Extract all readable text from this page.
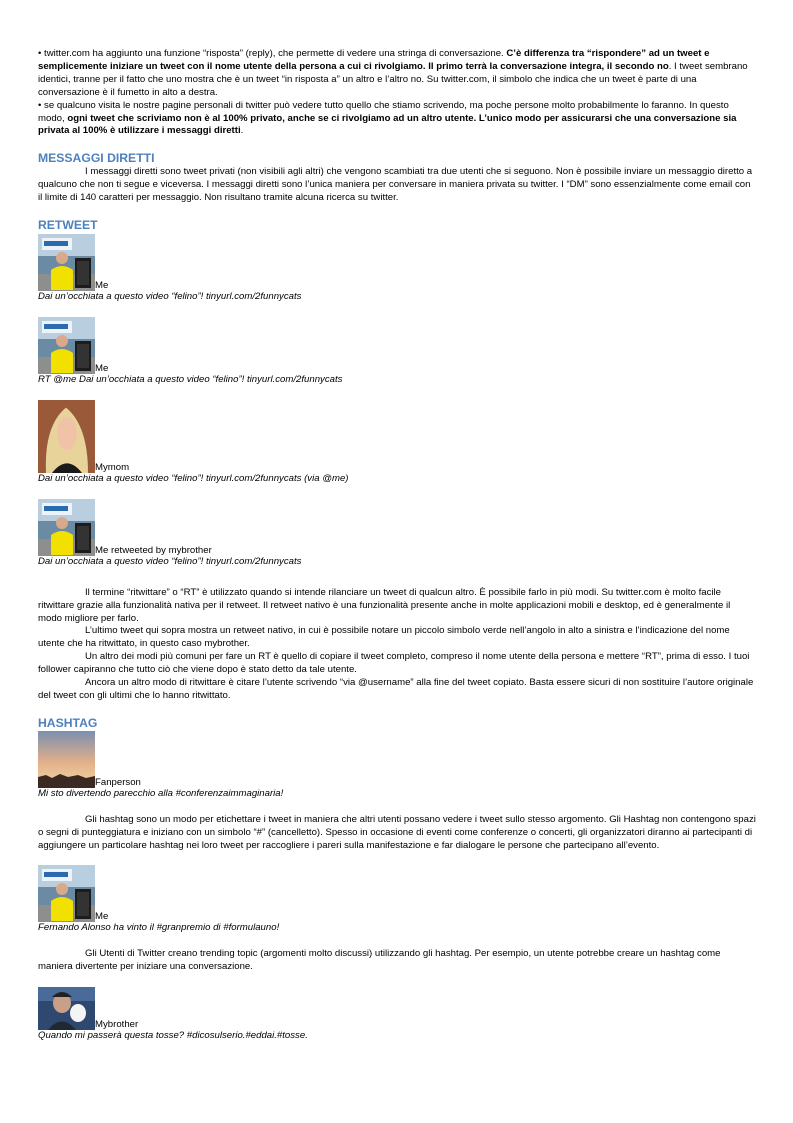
• twitter.com ha aggiunto una funzione “risposta” (reply), che permette di vedere una stringa di conversazione. C’è differenza tra “rispondere” ad un tweet e semplicemente iniziare un tweet con il nome utente della persona a cui ci rivolgiamo. Il primo terrà la conversazione integra, il secondo no. I tweet sembrano identici, tranne per il fatto che uno mostra che è un tweet “in risposta a” un altro e l’altro no. Su twitter.com, il simbolo che indica che un tweet è parte di una conversazione è il fumetto in alto a destra.

• se qualcuno visita le nostre pagine personali di twitter può vedere tutto quello che stiamo scrivendo, ma poche persone molto probabilmente lo faranno. In questo modo, ogni tweet che scriviamo non è al 100% privato, anche se ci rivolgiamo ad un altro utente. L’unico modo per assicurarsi che una conversazione sia privata al 100% è utilizzare i messaggi diretti.

MESSAGGI DIRETTI

I messaggi diretti sono tweet privati (non visibili agli altri) che vengono scambiati tra due utenti che si seguono. Non è possibile inviare un messaggio diretto a qualcuno che non ti segue e viceversa. I messaggi diretti sono l’unica maniera per conversare in maniera privata su twitter. I “DM” sono essenzialmente come email con il limite di 140 caratteri per messaggio. Non risultano tramite alcuna ricerca su twitter.

RETWEET
Me

Dai un’occhiata a questo video “felino”! tinyurl.com/2funnycats

Me

RT @me Dai un’occhiata a questo video “felino”! tinyurl.com/2funnycats

Mymom

Dai un’occhiata a questo video “felino”! tinyurl.com/2funnycats (via @me)

Me retweeted by mybrother

Dai un’occhiata a questo video “felino”! tinyurl.com/2funnycats

Il termine “ritwittare” o “RT” è utilizzato quando si intende rilanciare un tweet di qualcun altro. È possibile farlo in più modi. Su twitter.com è molto facile ritwittare grazie alla funzionalità nativa per il retweet. Il retweet nativo è una funzionalità presente anche in molte applicazioni mobili e desktop, ed è generalmente il modo migliore per farlo.

L’ultimo tweet qui sopra mostra un retweet nativo, in cui è possibile notare un piccolo simbolo verde nell’angolo in alto a sinistra e l’indicazione del nome utente che ha ritwittato, in questo caso mybrother.

Un altro dei modi più comuni per fare un RT è quello di copiare il tweet completo, compreso il nome utente della persona e mettere “RT”, prima di esso. I tuoi follower capiranno che tutto ciò che viene dopo è stato detto da tale utente.

Ancora un altro modo di ritwittare è citare l’utente scrivendo “via @username” alla fine del tweet copiato. Basta essere sicuri di non sostituire l’autore originale del tweet con gli ultimi che lo hanno ritwittato.

HASHTAG
Fanperson

Mi sto divertendo parecchio alla #conferenzaimmaginaria!

Gli hashtag sono un modo per etichettare i tweet in maniera che altri utenti possano vedere i tweet sullo stesso argomento. Gli Hashtag non contengono spazi o segni di punteggiatura e iniziano con un simbolo “#” (cancelletto). Spesso in occasione di eventi come conferenze o concerti, gli organizzatori diranno ai partecipanti di aggiungere un particolare hashtag nei loro tweet per raccogliere i pareri sulla manifestazione e far dialogare le persone che partecipano all’evento.

Me

Fernando Alonso ha vinto il #granpremio di #formulauno!

Gli Utenti di Twitter creano trending topic (argomenti molto discussi) utilizzando gli hashtag. Per esempio, un utente potrebbe creare un hashtag come maniera divertente per iniziare una conversazione.

Mybrother

Quando mi passerà questa tosse? #dicosulserio.#eddai.#tosse.
